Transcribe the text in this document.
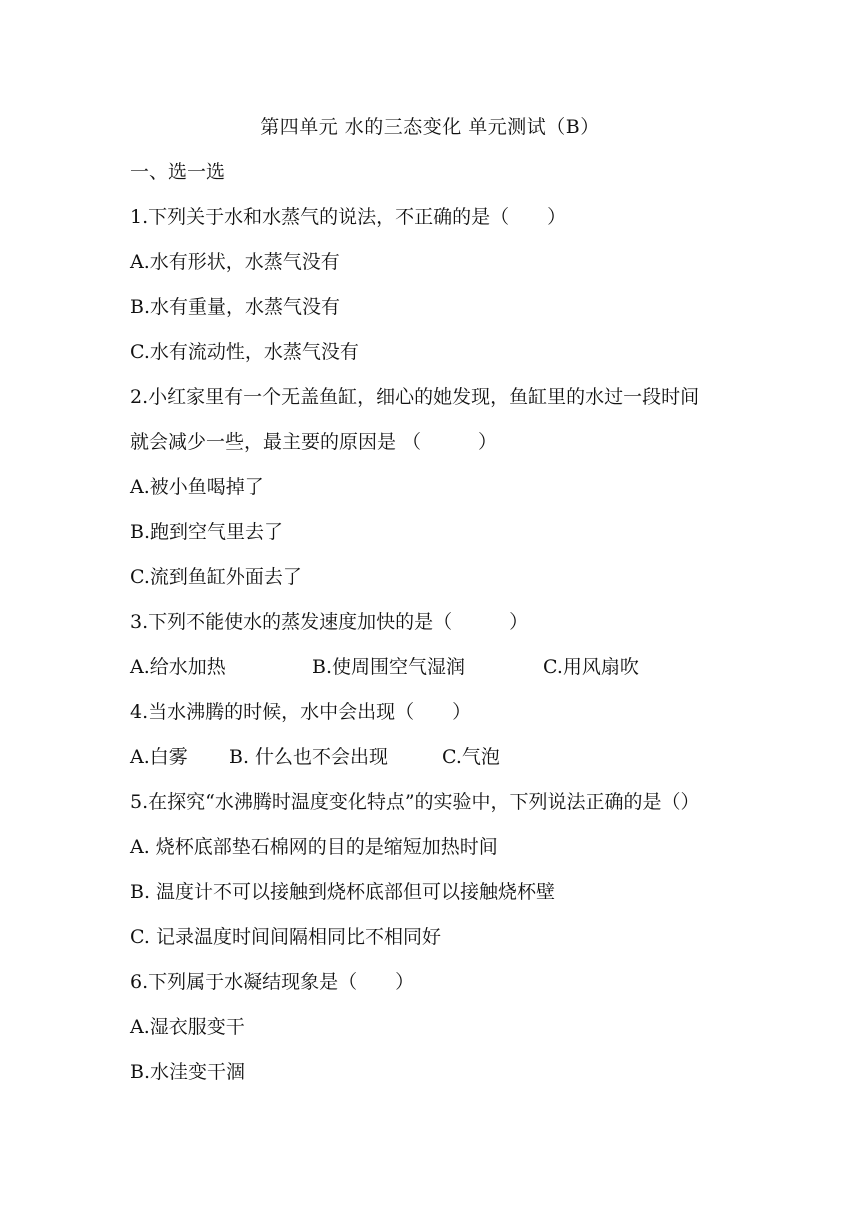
第四单元 水的三态变化 单元测试（B）
一、选一选
1.下列关于水和水蒸气的说法，不正确的是（　　）
A.水有形状，水蒸气没有
B.水有重量，水蒸气没有
C.水有流动性，水蒸气没有
2.小红家里有一个无盖鱼缸，细心的她发现，鱼缸里的水过一段时间
就会减少一些，最主要的原因是 （　　　）
A.被小鱼喝掉了
B.跑到空气里去了
C.流到鱼缸外面去了
3.下列不能使水的蒸发速度加快的是（　　　）
A.给水加热	B.使周围空气湿润	C.用风扇吹
4.当水沸腾的时候，水中会出现（　　）
A.白雾 B. 什么也不会出现	C.气泡
5.在探究“水沸腾时温度变化特点”的实验中，下列说法正确的是（）
A. 烧杯底部垫石棉网的目的是缩短加热时间
B. 温度计不可以接触到烧杯底部但可以接触烧杯壁
C. 记录温度时间间隔相同比不相同好
6.下列属于水凝结现象是（　　）
A.湿衣服变干
B.水洼变干涸
